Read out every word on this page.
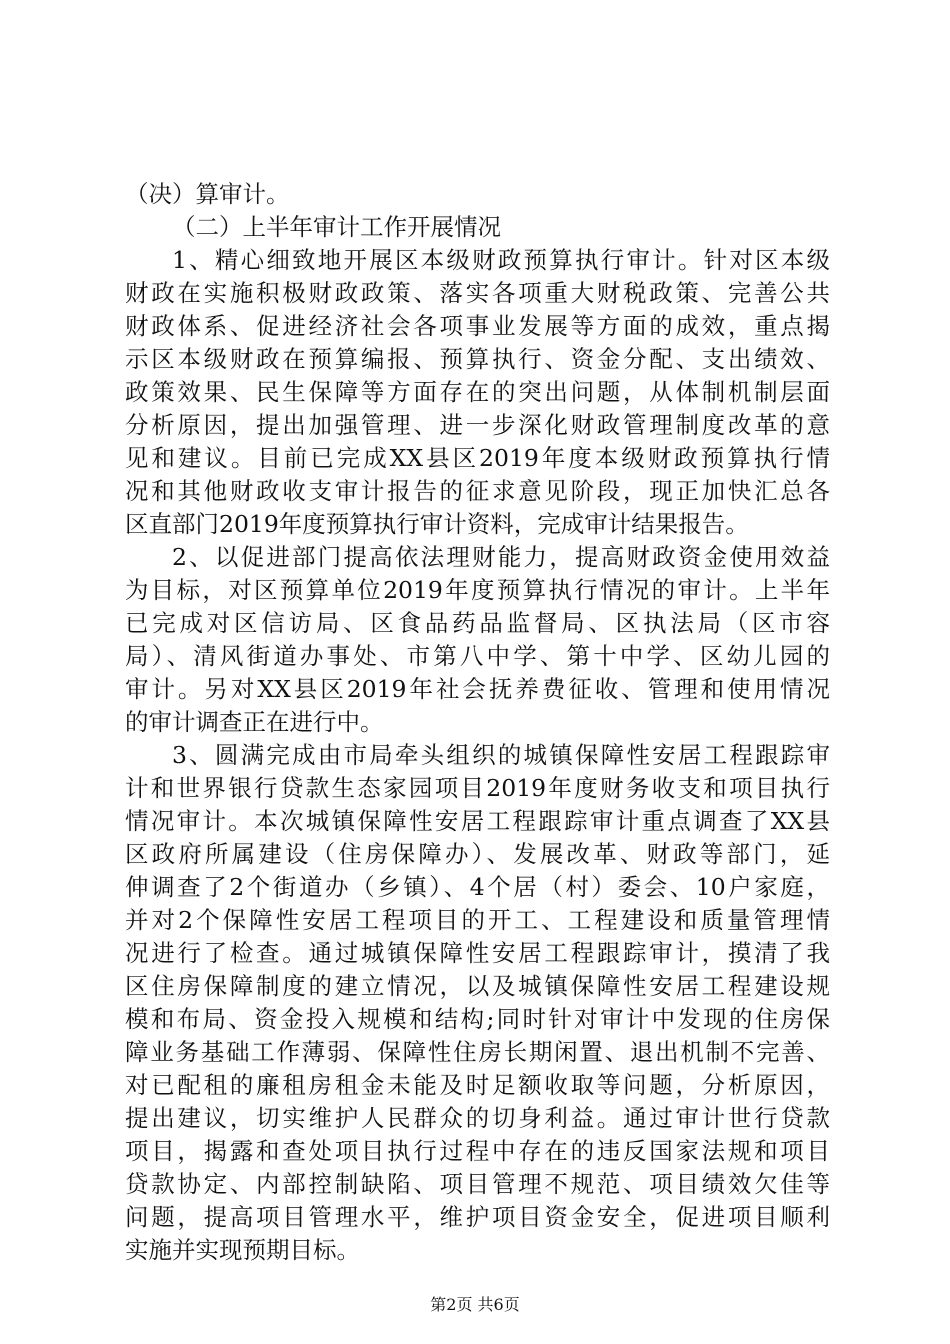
（决）算审计。
（二）上半年审计工作开展情况
1、精心细致地开展区本级财政预算执行审计。针对区本级
财政在实施积极财政政策、落实各项重大财税政策、完善公共
财政体系、促进经济社会各项事业发展等方面的成效，重点揭
示区本级财政在预算编报、预算执行、资金分配、支出绩效、
政策效果、民生保障等方面存在的突出问题，从体制机制层面
分析原因，提出加强管理、进一步深化财政管理制度改革的意
见和建议。目前已完成XX县区2019年度本级财政预算执行情
况和其他财政收支审计报告的征求意见阶段，现正加快汇总各
区直部门2019年度预算执行审计资料，完成审计结果报告。
2、以促进部门提高依法理财能力，提高财政资金使用效益
为目标，对区预算单位2019年度预算执行情况的审计。上半年
已完成对区信访局、区食品药品监督局、区执法局（区市容
局）、清风街道办事处、市第八中学、第十中学、区幼儿园的
审计。另对XX县区2019年社会抚养费征收、管理和使用情况
的审计调查正在进行中。
3、圆满完成由市局牵头组织的城镇保障性安居工程跟踪审
计和世界银行贷款生态家园项目2019年度财务收支和项目执行
情况审计。本次城镇保障性安居工程跟踪审计重点调查了XX县
区政府所属建设（住房保障办）、发展改革、财政等部门，延
伸调查了2个街道办（乡镇）、4个居（村）委会、10户家庭，
并对2个保障性安居工程项目的开工、工程建设和质量管理情
况进行了检查。通过城镇保障性安居工程跟踪审计，摸清了我
区住房保障制度的建立情况，以及城镇保障性安居工程建设规
模和布局、资金投入规模和结构;同时针对审计中发现的住房保
障业务基础工作薄弱、保障性住房长期闲置、退出机制不完善、
对已配租的廉租房租金未能及时足额收取等问题，分析原因，
提出建议，切实维护人民群众的切身利益。通过审计世行贷款
项目，揭露和查处项目执行过程中存在的违反国家法规和项目
贷款协定、内部控制缺陷、项目管理不规范、项目绩效欠佳等
问题，提高项目管理水平，维护项目资金安全，促进项目顺利
实施并实现预期目标。
第2页 共6页
